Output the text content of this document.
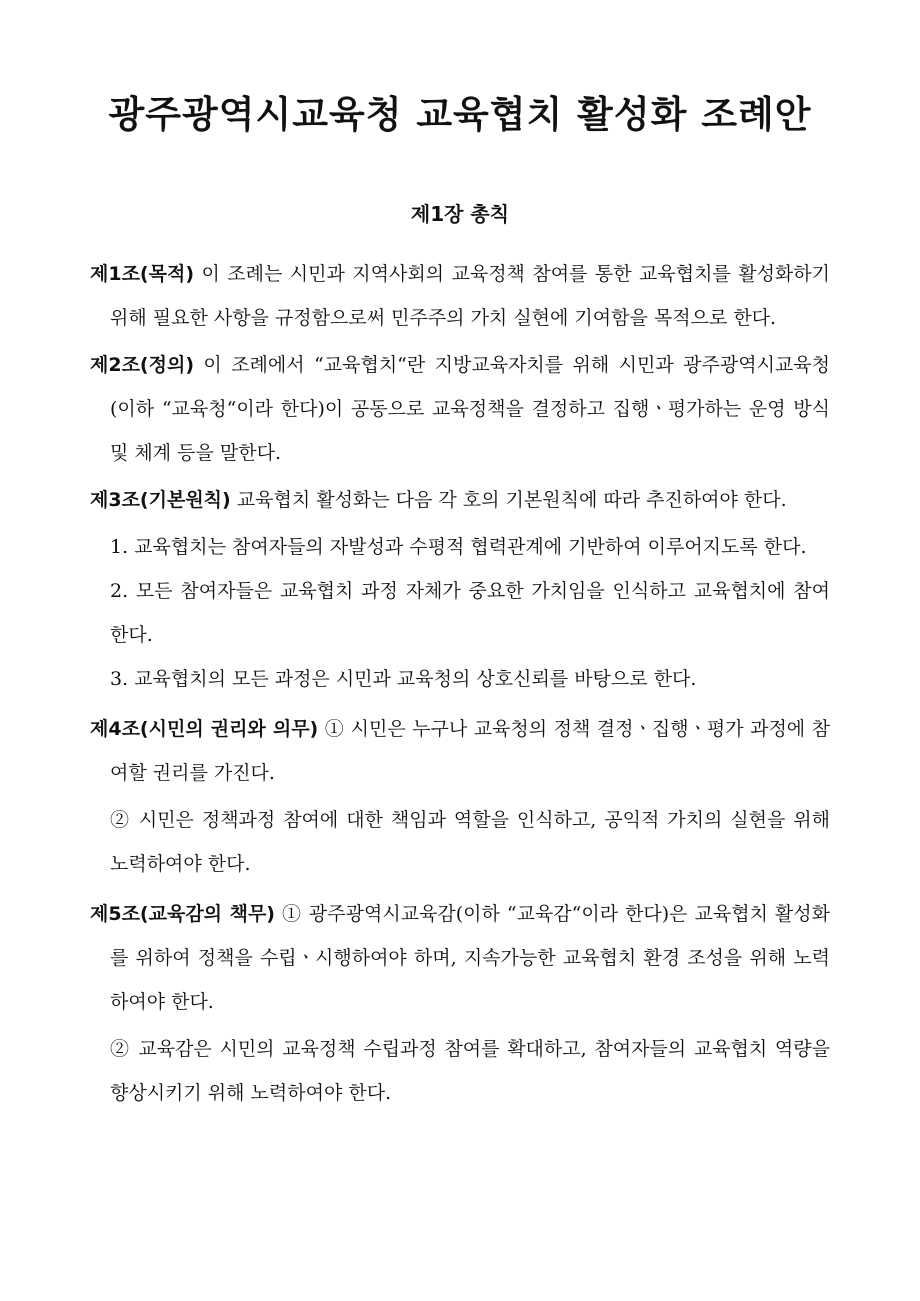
광주광역시교육청 교육협치 활성화 조례안
제1장 총칙

제1조(목적) 이 조례는 시민과 지역사회의 교육정책 참여를 통한 교육협치를 활성화하기 위해 필요한 사항을 규정함으로써 민주주의 가치 실현에 기여함을 목적으로 한다.

제2조(정의) 이 조례에서 “교육협치“란 지방교육자치를 위해 시민과 광주광역시교육청(이하 “교육청“이라 한다)이 공동으로 교육정책을 결정하고 집행ㆍ평가하는 운영 방식 및 체계 등을 말한다.

제3조(기본원칙) 교육협치 활성화는 다음 각 호의 기본원칙에 따라 추진하여야 한다.

1. 교육협치는 참여자들의 자발성과 수평적 협력관계에 기반하여 이루어지도록 한다.

2. 모든 참여자들은 교육협치 과정 자체가 중요한 가치임을 인식하고 교육협치에 참여한다.

3. 교육협치의 모든 과정은 시민과 교육청의 상호신뢰를 바탕으로 한다.

제4조(시민의 권리와 의무) ① 시민은 누구나 교육청의 정책 결정ㆍ집행ㆍ평가 과정에 참여할 권리를 가진다.

② 시민은 정책과정 참여에 대한 책임과 역할을 인식하고, 공익적 가치의 실현을 위해 노력하여야 한다.

제5조(교육감의 책무) ① 광주광역시교육감(이하 “교육감“이라 한다)은 교육협치 활성화를 위하여 정책을 수립ㆍ시행하여야 하며, 지속가능한 교육협치 환경 조성을 위해 노력하여야 한다.

② 교육감은 시민의 교육정책 수립과정 참여를 확대하고, 참여자들의 교육협치 역량을 향상시키기 위해 노력하여야 한다.
